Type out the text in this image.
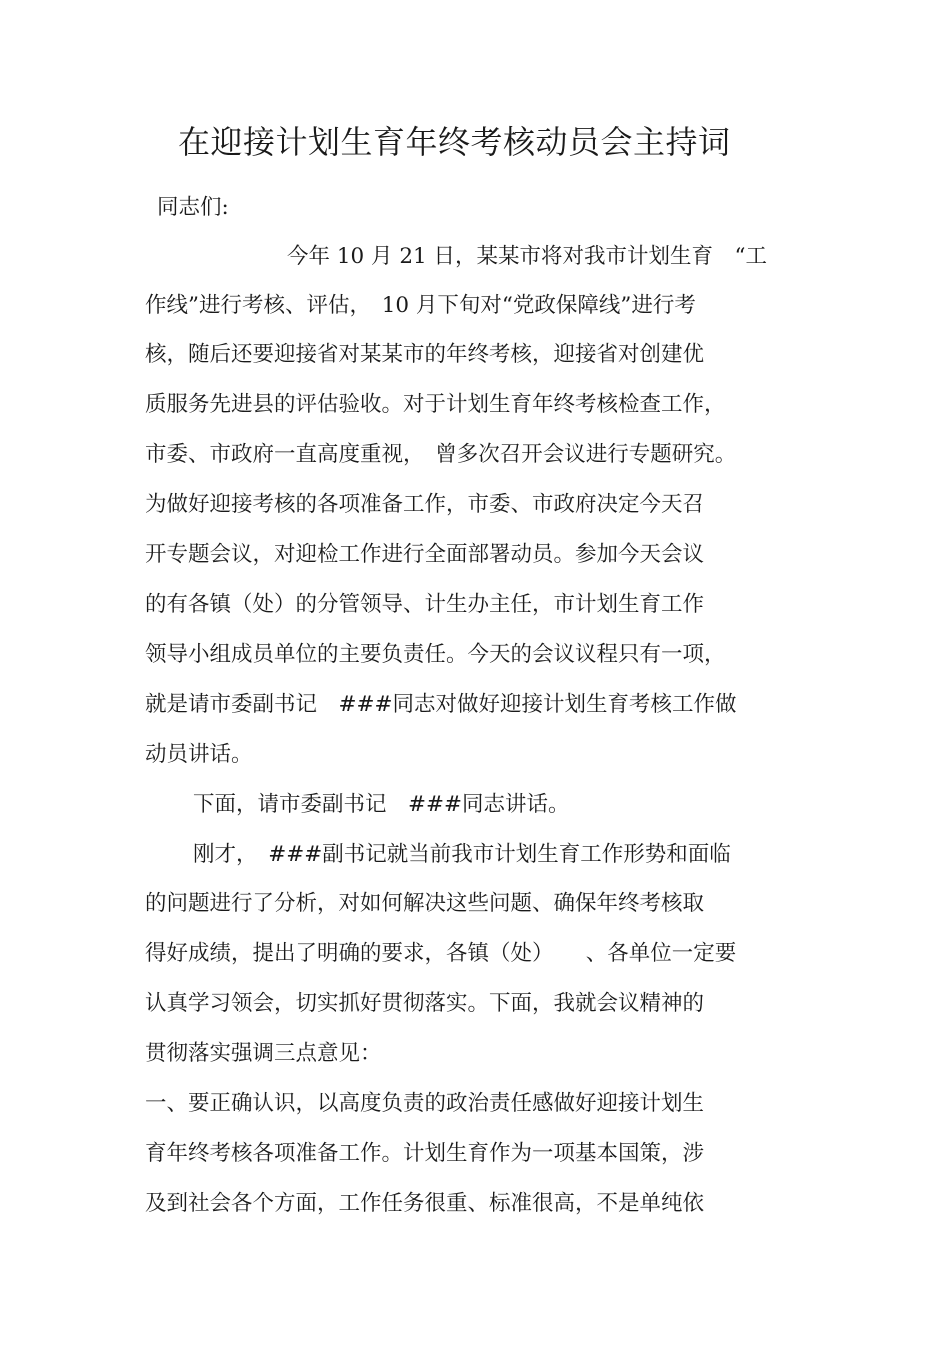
在迎接计划生育年终考核动员会主持词
同志们:
今年 10 月 21 日，某某市将对我市计划生育　“工
作线”进行考核、评估，　10 月下旬对“党政保障线”进行考
核，随后还要迎接省对某某市的年终考核，迎接省对创建优
质服务先进县的评估验收。对于计划生育年终考核检查工作，
市委、市政府一直高度重视，　曾多次召开会议进行专题研究。
为做好迎接考核的各项准备工作，市委、市政府决定今天召
开专题会议，对迎检工作进行全面部署动员。参加今天会议
的有各镇（处）的分管领导、计生办主任，市计划生育工作
领导小组成员单位的主要负责任。今天的会议议程只有一项，
就是请市委副书记　###同志对做好迎接计划生育考核工作做
动员讲话。
下面，请市委副书记　###同志讲话。
刚才，　###副书记就当前我市计划生育工作形势和面临
的问题进行了分析，对如何解决这些问题、确保年终考核取
得好成绩，提出了明确的要求，各镇（处）　　、各单位一定要
认真学习领会，切实抓好贯彻落实。下面，我就会议精神的
贯彻落实强调三点意见：
一、要正确认识，以高度负责的政治责任感做好迎接计划生
育年终考核各项准备工作。计划生育作为一项基本国策，涉
及到社会各个方面，工作任务很重、标准很高，不是单纯依
